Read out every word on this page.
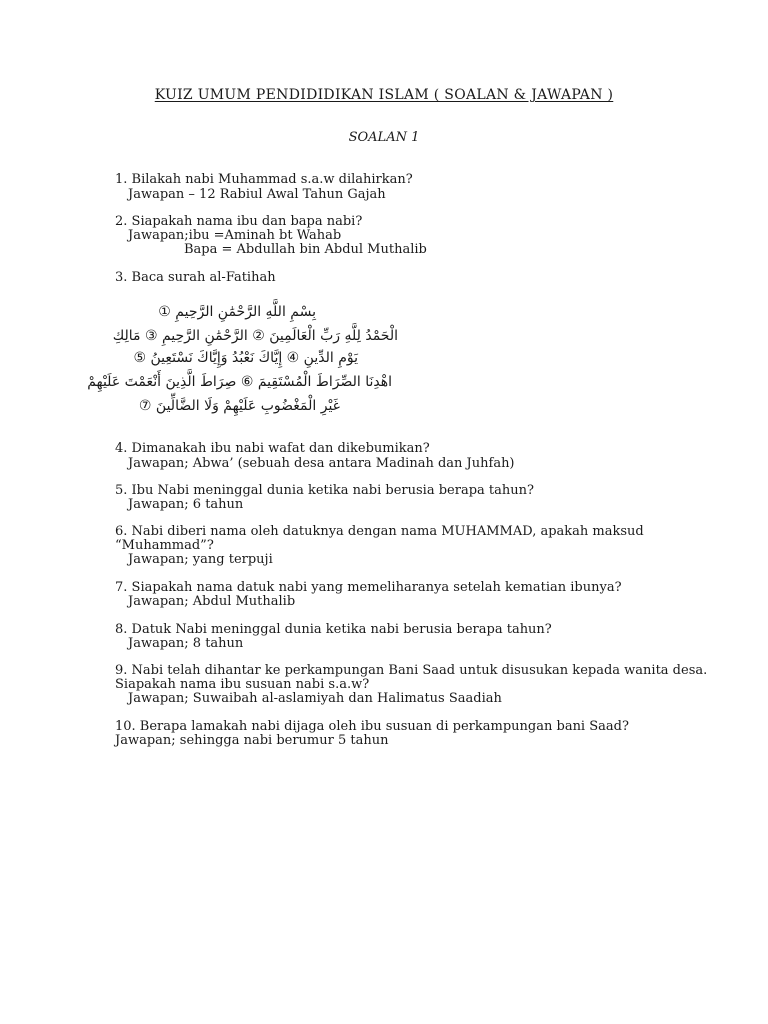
KUIZ UMUM PENDIDIDIKAN ISLAM ( SOALAN & JAWAPAN )
SOALAN 1
1. Bilakah nabi Muhammad s.a.w dilahirkan?
Jawapan – 12 Rabiul Awal Tahun Gajah
2. Siapakah nama ibu dan bapa nabi?
Jawapan;ibu =Aminah bt Wahab
Bapa = Abdullah bin Abdul Muthalib
3. Baca surah al-Fatihah
بِسْمِ اللَّهِ الرَّحْمَٰنِ الرَّحِيمِ ①
الْحَمْدُ لِلَّهِ رَبِّ الْعَالَمِينَ ② الرَّحْمَٰنِ الرَّحِيمِ ③ مَالِكِ
يَوْمِ الدِّينِ ④ إِيَّاكَ نَعْبُدُ وَإِيَّاكَ نَسْتَعِينُ ⑤
اهْدِنَا الصِّرَاطَ الْمُسْتَقِيمَ ⑥ صِرَاطَ الَّذِينَ أَنْعَمْتَ عَلَيْهِمْ
غَيْرِ الْمَغْضُوبِ عَلَيْهِمْ وَلَا الضَّالِّينَ ⑦
4. Dimanakah ibu nabi wafat dan dikebumikan?
Jawapan; Abwa’ (sebuah desa antara Madinah dan Juhfah)
5. Ibu Nabi meninggal dunia ketika nabi berusia berapa tahun?
Jawapan; 6 tahun
6. Nabi diberi nama oleh datuknya dengan nama MUHAMMAD, apakah maksud
“Muhammad”?
Jawapan; yang terpuji
7. Siapakah nama datuk nabi yang memeliharanya setelah kematian ibunya?
Jawapan; Abdul Muthalib
8. Datuk Nabi meninggal dunia ketika nabi berusia berapa tahun?
Jawapan; 8 tahun
9. Nabi telah dihantar ke perkampungan Bani Saad untuk disusukan kepada wanita desa.
Siapakah nama ibu susuan nabi s.a.w?
Jawapan; Suwaibah al-aslamiyah dan Halimatus Saadiah
10. Berapa lamakah nabi dijaga oleh ibu susuan di perkampungan bani Saad?
Jawapan; sehingga nabi berumur 5 tahun
